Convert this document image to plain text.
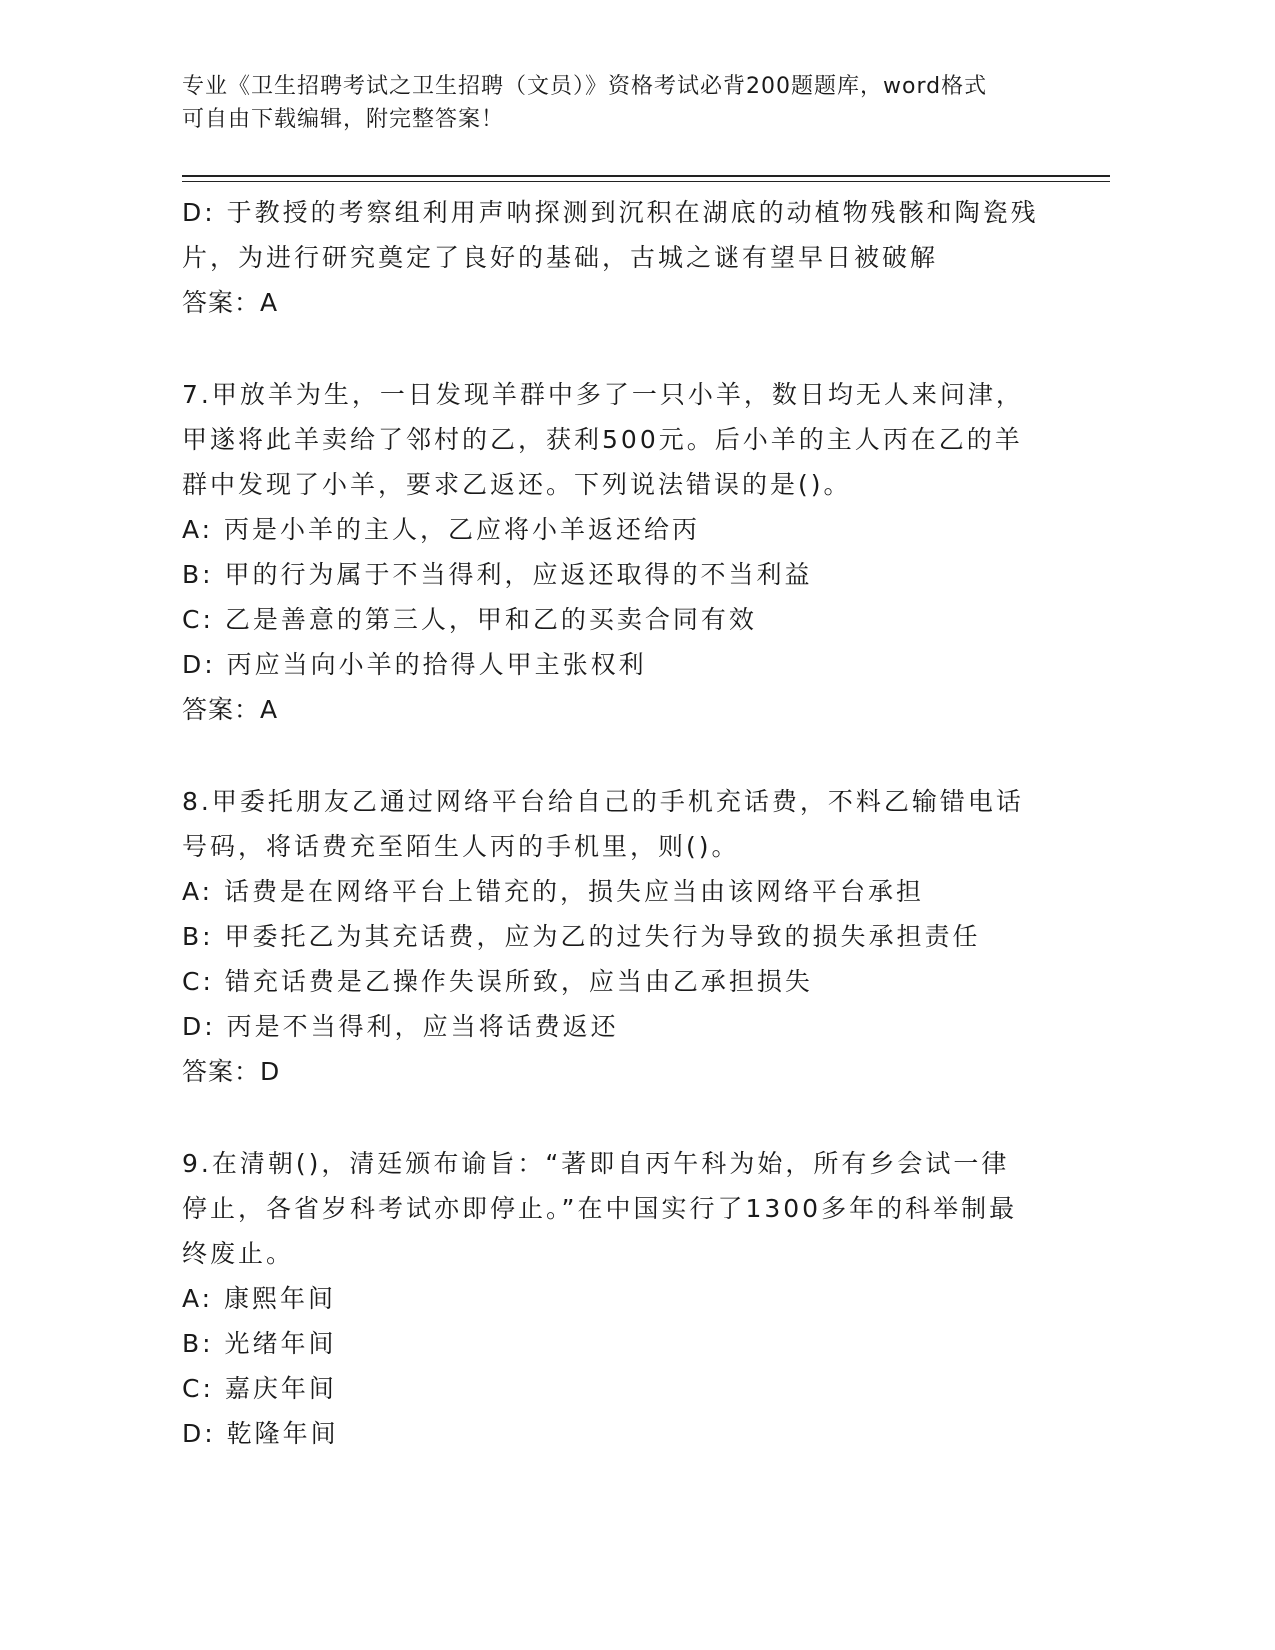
专业《卫生招聘考试之卫生招聘（文员）》资格考试必背200题题库，word格式
可自由下载编辑，附完整答案！
D: 于教授的考察组利用声呐探测到沉积在湖底的动植物残骸和陶瓷残
片，为进行研究奠定了良好的基础，古城之谜有望早日被破解
答案：A
7.甲放羊为生，一日发现羊群中多了一只小羊，数日均无人来问津，
甲遂将此羊卖给了邻村的乙，获利500元。后小羊的主人丙在乙的羊
群中发现了小羊，要求乙返还。下列说法错误的是()。
A: 丙是小羊的主人，乙应将小羊返还给丙
B: 甲的行为属于不当得利，应返还取得的不当利益
C: 乙是善意的第三人，甲和乙的买卖合同有效
D: 丙应当向小羊的拾得人甲主张权利
答案：A
8.甲委托朋友乙通过网络平台给自己的手机充话费，不料乙输错电话
号码，将话费充至陌生人丙的手机里，则()。
A: 话费是在网络平台上错充的，损失应当由该网络平台承担
B: 甲委托乙为其充话费，应为乙的过失行为导致的损失承担责任
C: 错充话费是乙操作失误所致，应当由乙承担损失
D: 丙是不当得利，应当将话费返还
答案：D
9.在清朝()，清廷颁布谕旨：“著即自丙午科为始，所有乡会试一律
停止，各省岁科考试亦即停止。”在中国实行了1300多年的科举制最
终废止。
A: 康熙年间
B: 光绪年间
C: 嘉庆年间
D: 乾隆年间
